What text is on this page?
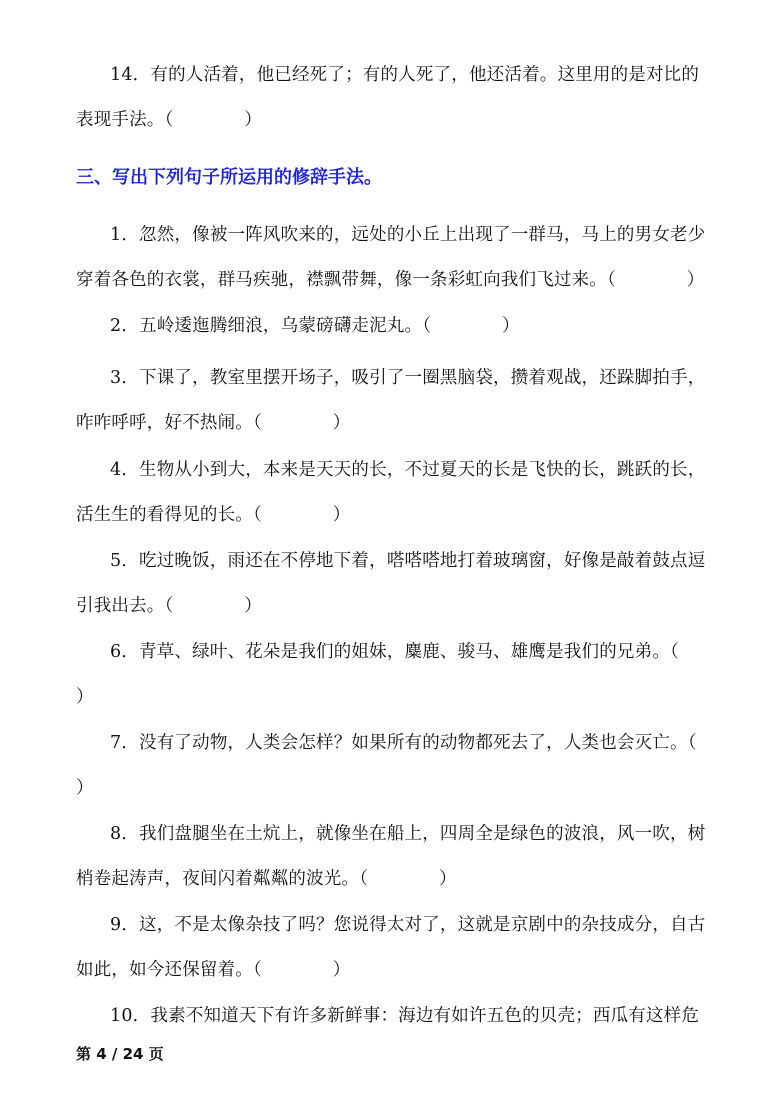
14．有的人活着，他已经死了；有的人死了，他还活着。这里用的是对比的表现手法。（　　　　）

三、写出下列句子所运用的修辞手法。

1．忽然，像被一阵风吹来的，远处的小丘上出现了一群马，马上的男女老少穿着各色的衣裳，群马疾驰，襟飘带舞，像一条彩虹向我们飞过来。（　　　　）

2．五岭逶迤腾细浪，乌蒙磅礴走泥丸。（　　　　）

3．下课了，教室里摆开场子，吸引了一圈黑脑袋，攒着观战，还跺脚拍手，咋咋呼呼，好不热闹。（　　　　）

4．生物从小到大，本来是天天的长，不过夏天的长是飞快的长，跳跃的长，活生生的看得见的长。（　　　　）

5．吃过晚饭，雨还在不停地下着，嗒嗒嗒地打着玻璃窗，好像是敲着鼓点逗引我出去。（　　　　）

6．青草、绿叶、花朵是我们的姐妹，麋鹿、骏马、雄鹰是我们的兄弟。（　　　　）

7．没有了动物，人类会怎样？如果所有的动物都死去了，人类也会灭亡。（　　　　）

8．我们盘腿坐在土炕上，就像坐在船上，四周全是绿色的波浪，风一吹，树梢卷起涛声，夜间闪着粼粼的波光。（　　　　）

9．这，不是太像杂技了吗？您说得太对了，这就是京剧中的杂技成分，自古如此，如今还保留着。（　　　　）

10．我素不知道天下有许多新鲜事：海边有如许五色的贝壳；西瓜有这样危

第 4 / 24 页
